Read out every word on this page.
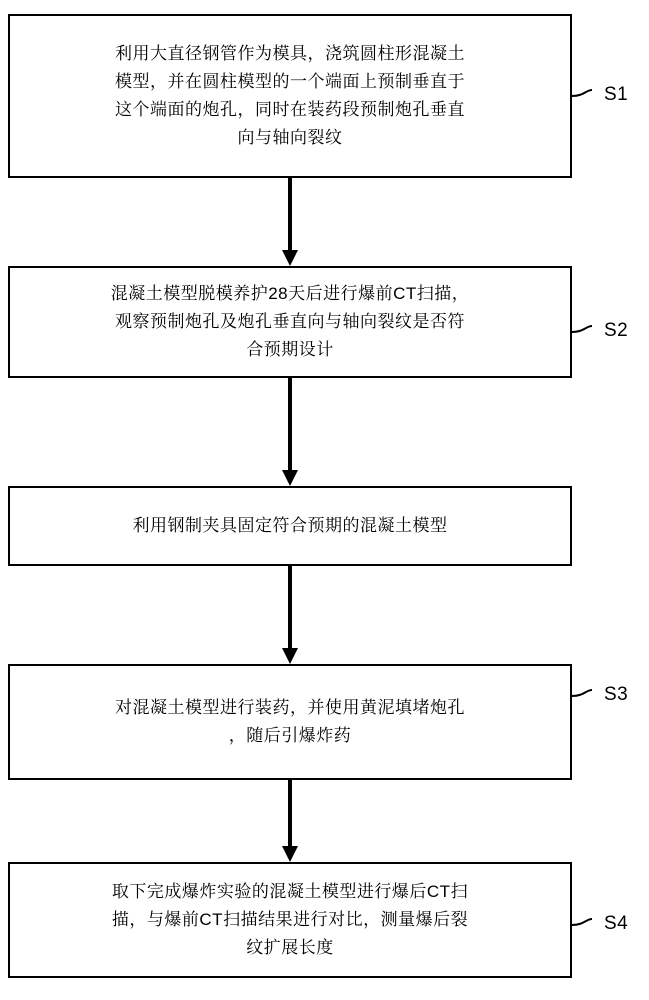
利用大直径钢管作为模具，浇筑圆柱形混凝土
模型，并在圆柱模型的一个端面上预制垂直于
这个端面的炮孔，同时在装药段预制炮孔垂直
向与轴向裂纹
S1
混凝土模型脱模养护28天后进行爆前CT扫描，
观察预制炮孔及炮孔垂直向与轴向裂纹是否符
合预期设计
S2
利用钢制夹具固定符合预期的混凝土模型
对混凝土模型进行装药，并使用黄泥填堵炮孔
，随后引爆炸药
S3
取下完成爆炸实验的混凝土模型进行爆后CT扫
描，与爆前CT扫描结果进行对比，测量爆后裂
纹扩展长度
S4
